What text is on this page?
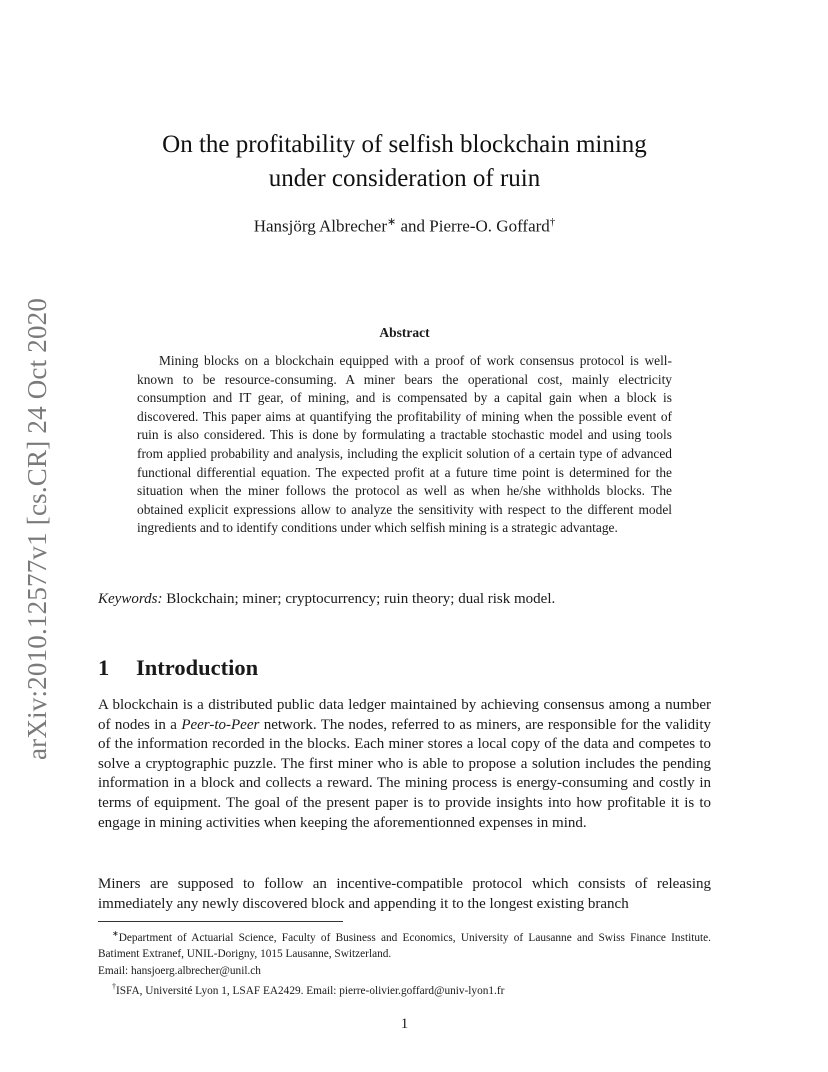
arXiv:2010.12577v1 [cs.CR] 24 Oct 2020
On the profitability of selfish blockchain mining
under consideration of ruin
Hansjörg Albrecher∗ and Pierre-O. Goffard†
Abstract
Mining blocks on a blockchain equipped with a proof of work consensus protocol is well-known to be resource-consuming. A miner bears the operational cost, mainly electricity consumption and IT gear, of mining, and is compensated by a capital gain when a block is discovered. This paper aims at quantifying the profitability of mining when the possible event of ruin is also considered. This is done by formulating a tractable stochastic model and using tools from applied probability and analysis, including the explicit solution of a certain type of advanced functional differential equation. The expected profit at a future time point is determined for the situation when the miner follows the protocol as well as when he/she withholds blocks. The obtained explicit expressions allow to analyze the sensitivity with respect to the different model ingredients and to identify conditions under which selfish mining is a strategic advantage.
Keywords: Blockchain; miner; cryptocurrency; ruin theory; dual risk model.
1 Introduction
A blockchain is a distributed public data ledger maintained by achieving consensus among a number of nodes in a Peer-to-Peer network. The nodes, referred to as miners, are responsible for the validity of the information recorded in the blocks. Each miner stores a local copy of the data and competes to solve a cryptographic puzzle. The first miner who is able to propose a solution includes the pending information in a block and collects a reward. The mining process is energy-consuming and costly in terms of equipment. The goal of the present paper is to provide insights into how profitable it is to engage in mining activities when keeping the aforementionned expenses in mind.
Miners are supposed to follow an incentive-compatible protocol which consists of releasing immediately any newly discovered block and appending it to the longest existing branch
∗Department of Actuarial Science, Faculty of Business and Economics, University of Lausanne and Swiss Finance Institute. Batiment Extranef, UNIL-Dorigny, 1015 Lausanne, Switzerland.
Email: hansjoerg.albrecher@unil.ch
†ISFA, Université Lyon 1, LSAF EA2429. Email: pierre-olivier.goffard@univ-lyon1.fr
1
